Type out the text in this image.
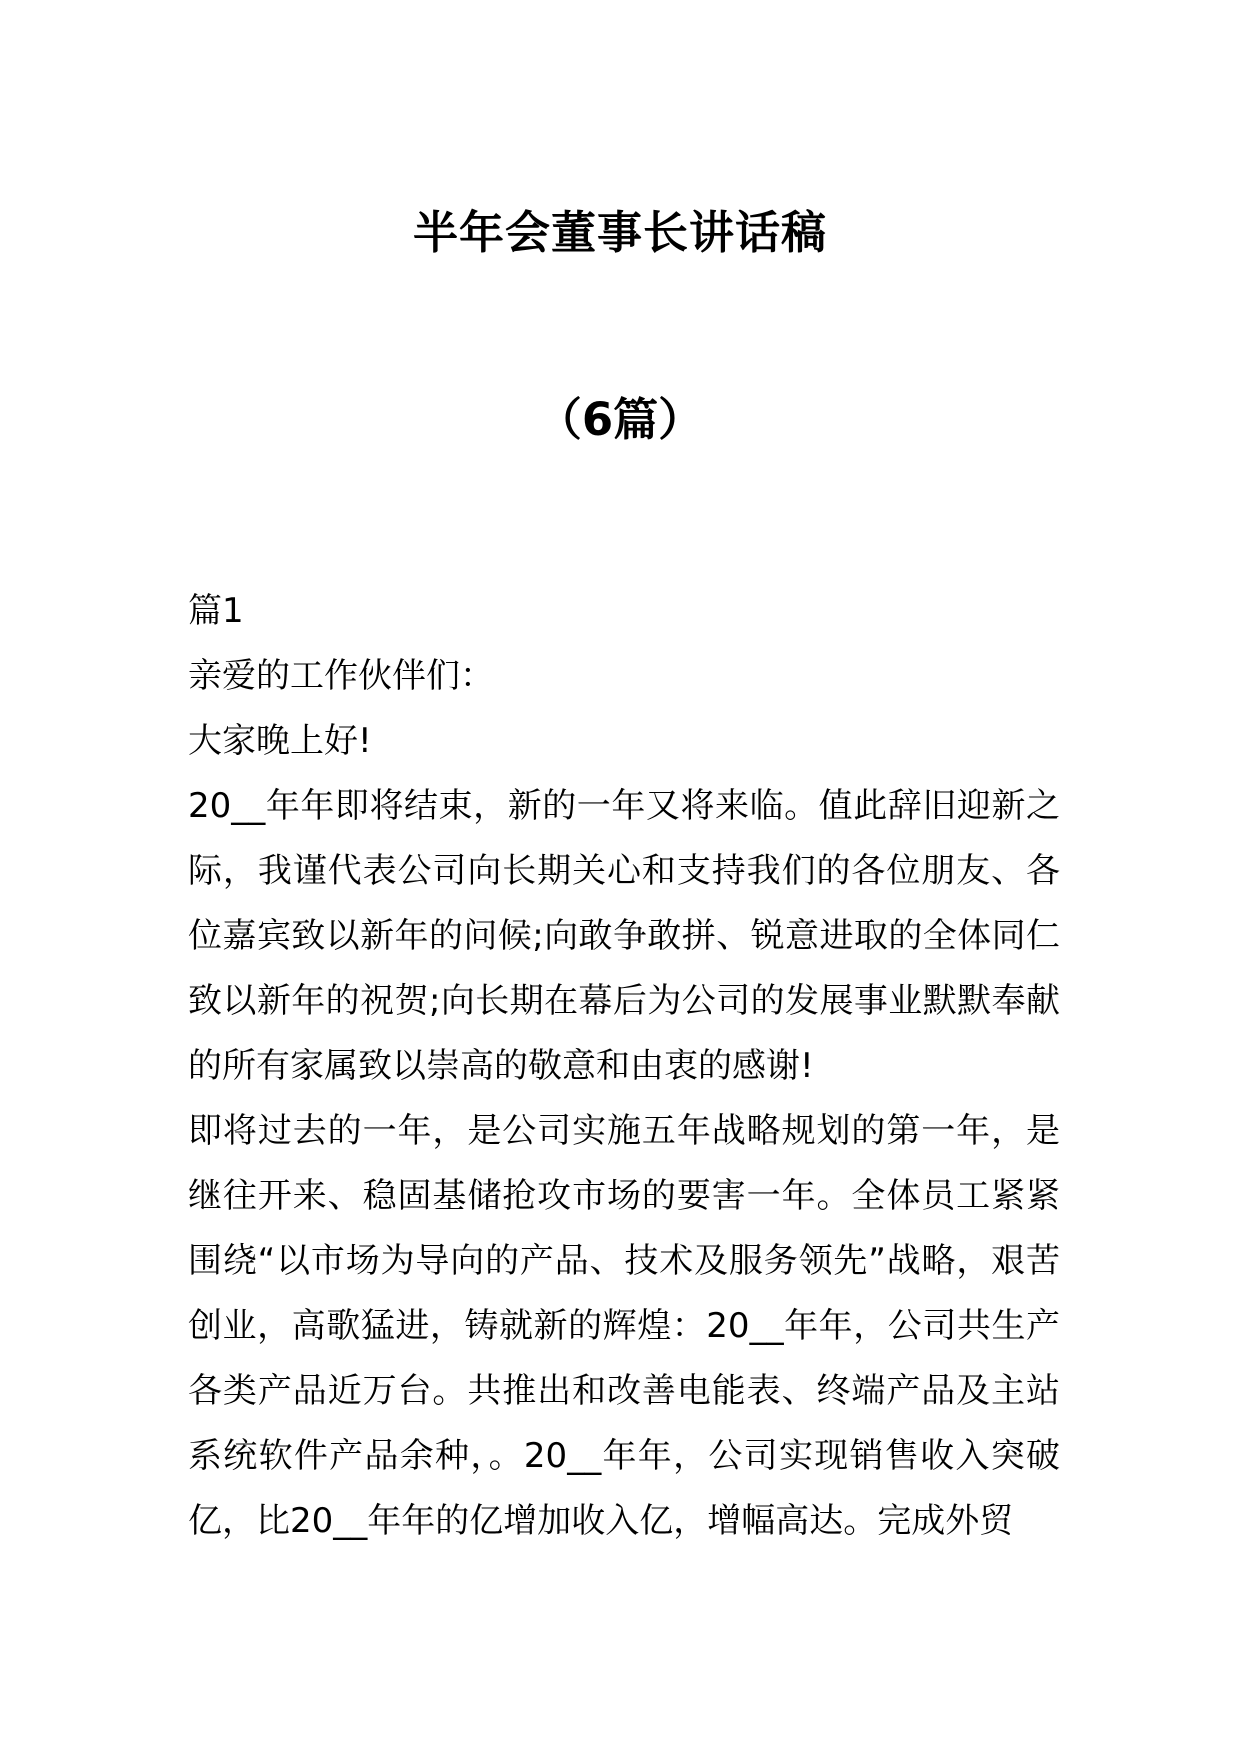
半年会董事长讲话稿
（6篇）

篇1

亲爱的工作伙伴们：

大家晚上好!

20__年年即将结束，新的一年又将来临。值此辞旧迎新之际，我谨代表公司向长期关心和支持我们的各位朋友、各位嘉宾致以新年的问候;向敢争敢拼、锐意进取的全体同仁致以新年的祝贺;向长期在幕后为公司的发展事业默默奉献的所有家属致以崇高的敬意和由衷的感谢!

即将过去的一年，是公司实施五年战略规划的第一年，是继往开来、稳固基储抢攻市场的要害一年。全体员工紧紧围绕“以市场为导向的产品、技术及服务领先”战略，艰苦创业，高歌猛进，铸就新的辉煌：20__年年，公司共生产各类产品近万台。共推出和改善电能表、终端产品及主站系统软件产品余种，。20__年年，公司实现销售收入突破亿，比20__年年的亿增加收入亿，增幅高达。完成外贸
